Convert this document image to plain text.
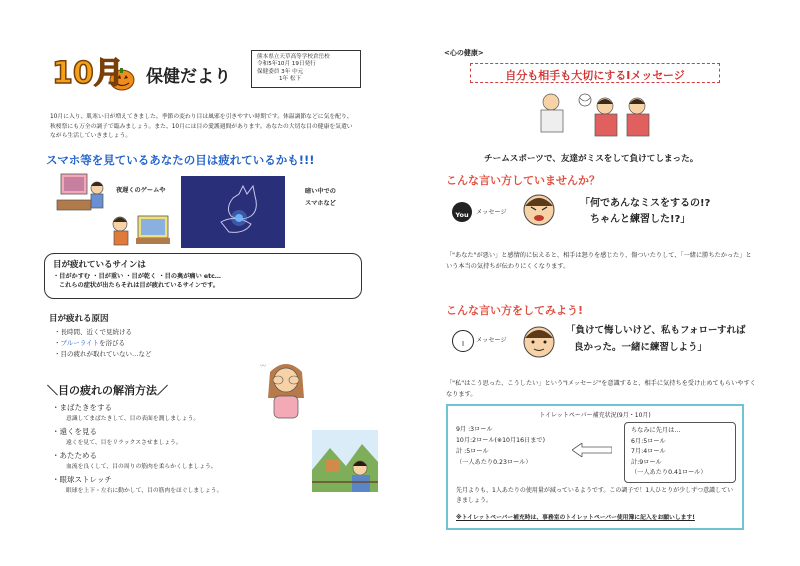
10月 保健だより
熊本県立天草高等学校倉岳校
令和5年10月 19日発行
保健委員 3年 中元
1年 松下
10月に入り、肌寒い日が増えてきました。季節の変わり目は風邪を引きやすい時期です。体温調節などに気を配り、秋桜祭にも万全の調子で臨みましょう。また、10月には目の愛護週間があります。あなたの大切な目の健康を気遣いながら生活していきましょう。
スマホ等を見ているあなたの目は疲れているかも!!!
夜遅くのゲームや	暗い中での
スマホなど
目が疲れているサインは
・目がかすむ ・目が重い ・目が乾く ・目の奥が痛い etc…
これらの症状が出たらそれは目が疲れているサインです。
目が疲れる原因
・長時間、近くで見続ける
・ブルーライトを浴びる
・目の疲れが取れていない…など
〰
＼目の疲れの解消方法／
・まばたきをする
意識してまばたきして、目の表面を潤しましょう。
・遠くを見る
遠くを見て、目をリラックスさせましょう。
・あたためる
血流を良くして、目の周りの筋肉を柔らかくしましょう。
・眼球ストレッチ
眼球を上下・左右に動かして、目の筋肉をほぐしましょう。
<心の健康>
自分も相手も大切にするIメッセージ
チームスポーツで、友達がミスをして負けてしまった。
こんな言い方していませんか？
You	メッセージ
「何であんなミスをするの!?
ちゃんと練習した!?」
「"あなた"が悪い」と感情的に伝えると、相手は怒りを感じたり、傷ついたりして、「一緒に勝ちたかった」という本当の気持ちが伝わりにくくなります。
こんな言い方をしてみよう!
I	メッセージ
「負けて悔しいけど、私もフォローすれば
良かった。一緒に練習しよう」
「"私"はこう思った、こうしたい」という"Iメッセージ"を意識すると、相手に気持ちを受け止めてもらいやすくなります。
トイレットペーパー補充状況(9月・10月)
9月 :3ロール
10月:2ロール(※10月16日まで)
計 :5ロール
（一人あたり0.23ロール）
ちなみに先月は…
6月:5ロール
7月:4ロール
計:9ロール
（一人あたり0.41ロール）
先月よりも、1人あたりの使用量が減っているようです。この調子で！1人ひとりが少しずつ意識していきましょう。
※トイレットペーパー補充時は、事務室のトイレットペーパー使用簿に記入をお願いします!
